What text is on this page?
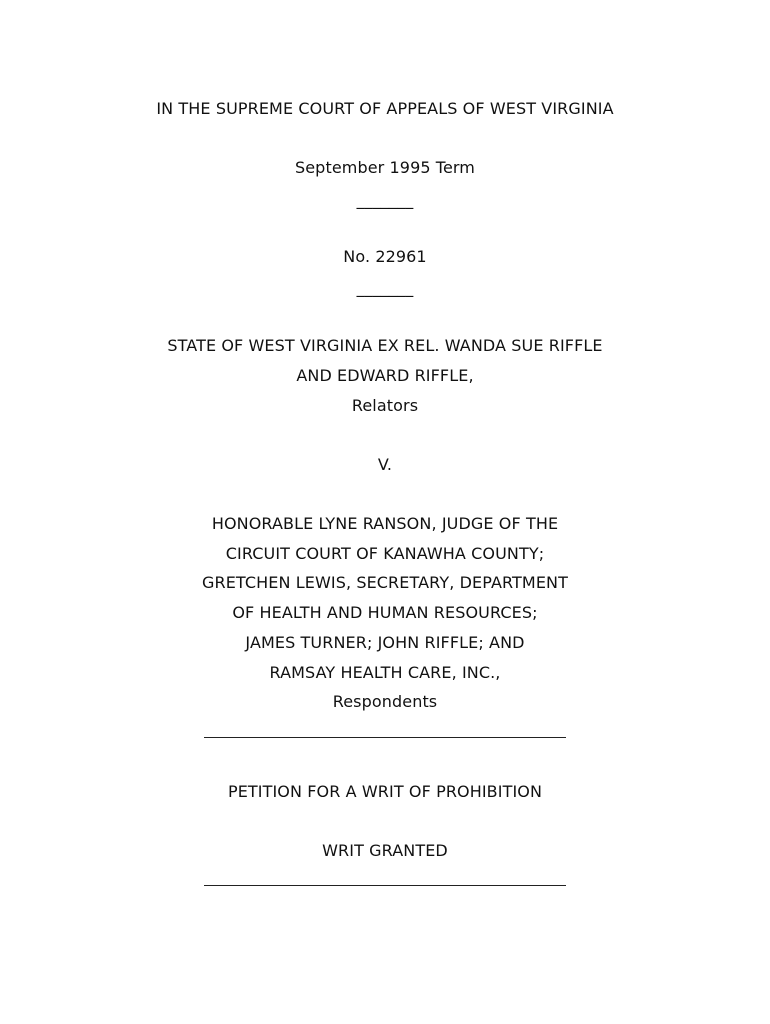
IN THE SUPREME COURT OF APPEALS OF WEST VIRGINIA
September 1995 Term
_______
No. 22961
_______
STATE OF WEST VIRGINIA EX REL. WANDA SUE RIFFLE
AND EDWARD RIFFLE,
Relators
V.
HONORABLE LYNE RANSON, JUDGE OF THE
CIRCUIT COURT OF KANAWHA COUNTY;
GRETCHEN LEWIS, SECRETARY, DEPARTMENT
OF HEALTH AND HUMAN RESOURCES;
JAMES TURNER; JOHN RIFFLE; AND
RAMSAY HEALTH CARE, INC.,
Respondents
PETITION FOR A WRIT OF PROHIBITION
WRIT GRANTED
